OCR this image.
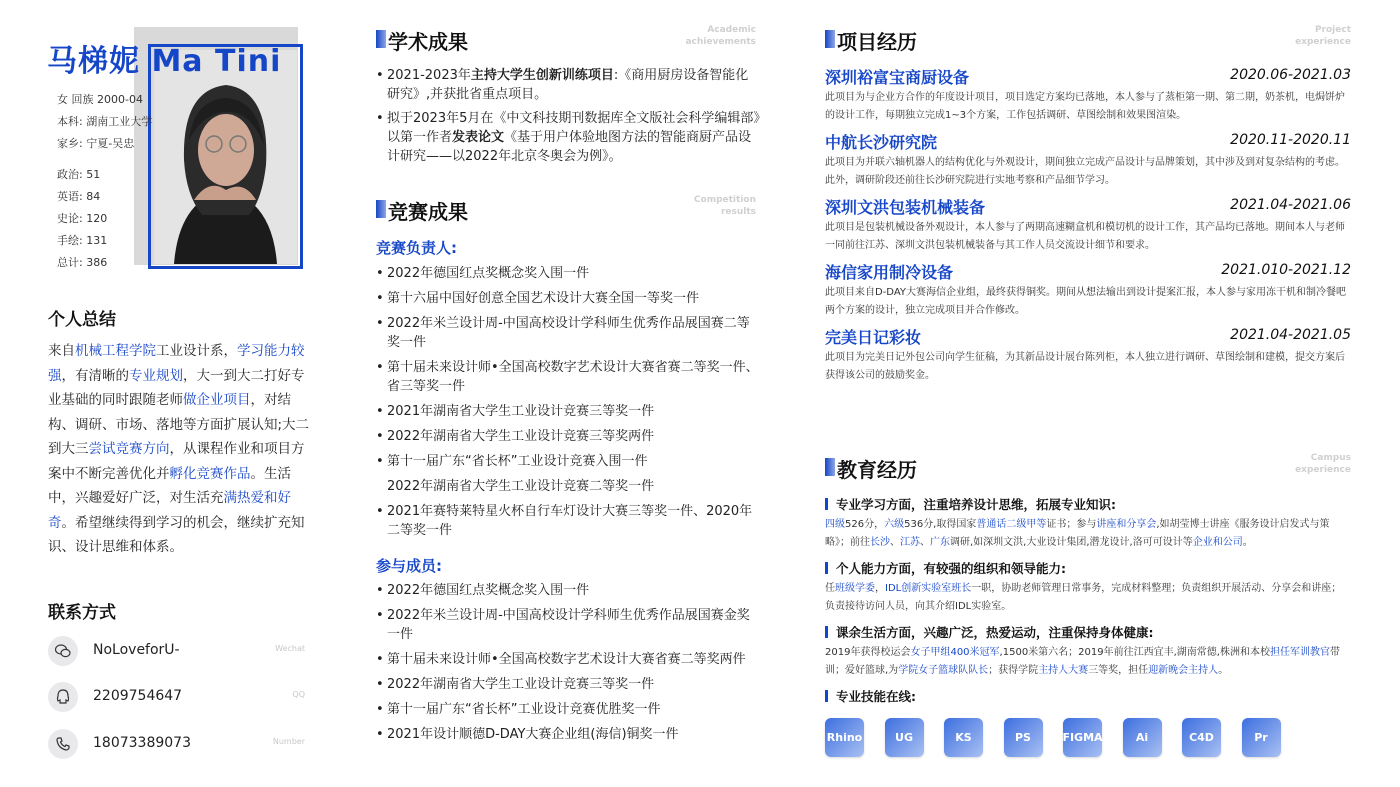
马梯妮 Ma Tini
女 回族 2000-04
本科: 湖南工业大学
家乡: 宁夏-吴忠
政治: 51
英语: 84
史论: 120
手绘: 131
总计: 386
个人总结
来自机械工程学院工业设计系，学习能力较强，有清晰的专业规划，大一到大二打好专业基础的同时跟随老师做企业项目，对结构、调研、市场、落地等方面扩展认知;大二到大三尝试竞赛方向，从课程作业和项目方案中不断完善优化并孵化竞赛作品。生活中，兴趣爱好广泛，对生活充满热爱和好奇。希望继续得到学习的机会，继续扩充知识、设计思维和体系。
联系方式
NoLoveforU-	Wechat
2209754647	QQ
18073389073	Number
学术成果	Academic
achievements
• 2021-2023年主持大学生创新训练项目:《商用厨房设备智能化研究》,并获批省重点项目。
• 拟于2023年5月在《中文科技期刊数据库全文版社会科学编辑部》以第一作者发表论文《基于用户体验地图方法的智能商厨产品设计研究——以2022年北京冬奥会为例》。
竞赛成果	Competition
results
竞赛负责人:
• 2022年德国红点奖概念奖入围一件
• 第十六届中国好创意全国艺术设计大赛全国一等奖一件
• 2022年米兰设计周-中国高校设计学科师生优秀作品展国赛二等奖一件
• 第十届未来设计师•全国高校数字艺术设计大赛省赛二等奖一件、省三等奖一件
• 2021年湖南省大学生工业设计竞赛三等奖一件
• 2022年湖南省大学生工业设计竞赛三等奖两件
• 第十一届广东“省长杯”工业设计竞赛入围一件
2022年湖南省大学生工业设计竞赛二等奖一件
• 2021年赛特莱特星火杯自行车灯设计大赛三等奖一件、2020年二等奖一件
参与成员:
• 2022年德国红点奖概念奖入围一件
• 2022年米兰设计周-中国高校设计学科师生优秀作品展国赛金奖一件
• 第十届未来设计师•全国高校数字艺术设计大赛省赛二等奖两件
• 2022年湖南省大学生工业设计竞赛三等奖一件
• 第十一届广东“省长杯”工业设计竞赛优胜奖一件
• 2021年设计顺德D-DAY大赛企业组(海信)铜奖一件
项目经历	Project
experience
深圳裕富宝商厨设备	2020.06-2021.03
此项目为与企业方合作的年度设计项目，项目选定方案均已落地，本人参与了蒸柜第一期、第二期，奶茶机，电焗饼炉的设计工作，每期独立完成1~3个方案，工作包括调研、草图绘制和效果图渲染。
中航长沙研究院	2020.11-2020.11
此项目为并联六轴机器人的结构优化与外观设计，期间独立完成产品设计与品牌策划，其中涉及到对复杂结构的考虑。此外，调研阶段还前往长沙研究院进行实地考察和产品细节学习。
深圳文洪包装机械装备	2021.04-2021.06
此项目是包装机械设备外观设计，本人参与了两期高速糊盒机和模切机的设计工作，其产品均已落地。期间本人与老师一同前往江苏、深圳文洪包装机械装备与其工作人员交流设计细节和要求。
海信家用制冷设备	2021.010-2021.12
此项目来自D-DAY大赛海信企业组，最终获得铜奖。期间从想法输出到设计提案汇报，本人参与家用冻干机和制冷餐吧两个方案的设计，独立完成项目并合作修改。
完美日记彩妆	2021.04-2021.05
此项目为完美日记外包公司向学生征稿，为其新品设计展台陈列柜，本人独立进行调研、草图绘制和建模，提交方案后获得该公司的鼓励奖金。
教育经历	Campus
experience
专业学习方面，注重培养设计思维，拓展专业知识:
四级526分，六级536分,取得国家普通话二级甲等证书；参与讲座和分享会,如胡莹博士讲座《服务设计启发式与策略》；前往长沙、江苏、广东调研,如深圳文洪,大业设计集团,潜龙设计,洛可可设计等企业和公司。
个人能力方面，有较强的组织和领导能力:
任班级学委，IDL创新实验室班长一职，协助老师管理日常事务，完成材料整理；负责组织开展活动、分享会和讲座；负责接待访问人员，向其介绍IDL实验室。
课余生活方面，兴趣广泛，热爱运动，注重保持身体健康:
2019年获得校运会女子甲组400米冠军,1500米第六名；2019年前往江西宜丰,湖南常德,株洲和本校担任军训教官带训；爱好篮球,为学院女子篮球队队长；获得学院主持人大赛三等奖，担任迎新晚会主持人。
专业技能在线:
Rhino	UG	KS	PS	FIGMA	Ai	C4D	Pr
